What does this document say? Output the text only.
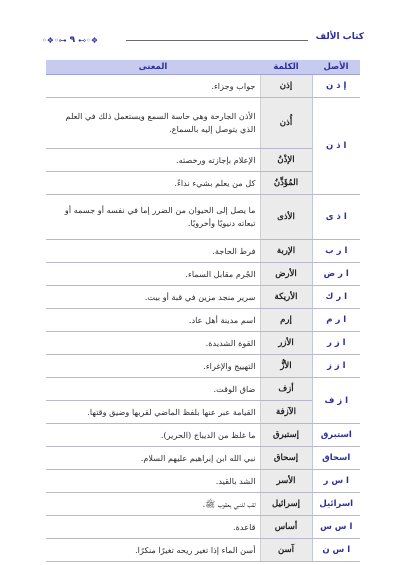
كتاب الألف
◦❖◦⊶ ٩ ⊷◦❖
الأصل	الكلمة	المعنى
إ ذ ن	إذن	جواب وجزاء.
ا ذ ن	أُذن	الأذن الجارحة وهي حاسة السمع ويستعمل ذلك في العلم الذي يتوصل إليه بالسماع.
	الإذْنُ	الإعلام بإجازته ورخصته.
	المُؤَذِّنُ	كل من يعلم بشيء نداءً.
ا ذ ى	الأذى	ما يصل إلى الحيوان من الضرر إما في نفسه أو جسمه أو تبعاته دنيويًا وأخرويًا.
ا ر ب	الإربة	فرط الحاجة.
ا ر ض	الأرض	الجُرم مقابل السماء.
ا ر ك	الأريكة	سرير منجد مزين في قبة أو بيت.
ا ر م	إرم	اسم مدينة أهل عاد.
ا ز ر	الأزر	القوة الشديدة.
ا ز ز	الأزُّ	التهييج والإغراء.
ا ز ف	أزف	ضاق الوقت.
	الآزفة	القيامة عبر عنها بلفظ الماضي لقربها وضيق وقتها.
استبرق	إستبرق	ما غلظ من الديباج (الحرير).
اسحاق	إسحاق	نبي الله ابن إبراهيم عليهم السلام.
ا س ر	الأسر	الشد بالقيد.
اسرائيل	إسرائيل	لقب للنبي يعقوب ﷺ.
ا س س	أساس	قاعدة.
ا س ن	آسن	أسن الماء إذا تغير ريحه تغيرًا منكرًا.
